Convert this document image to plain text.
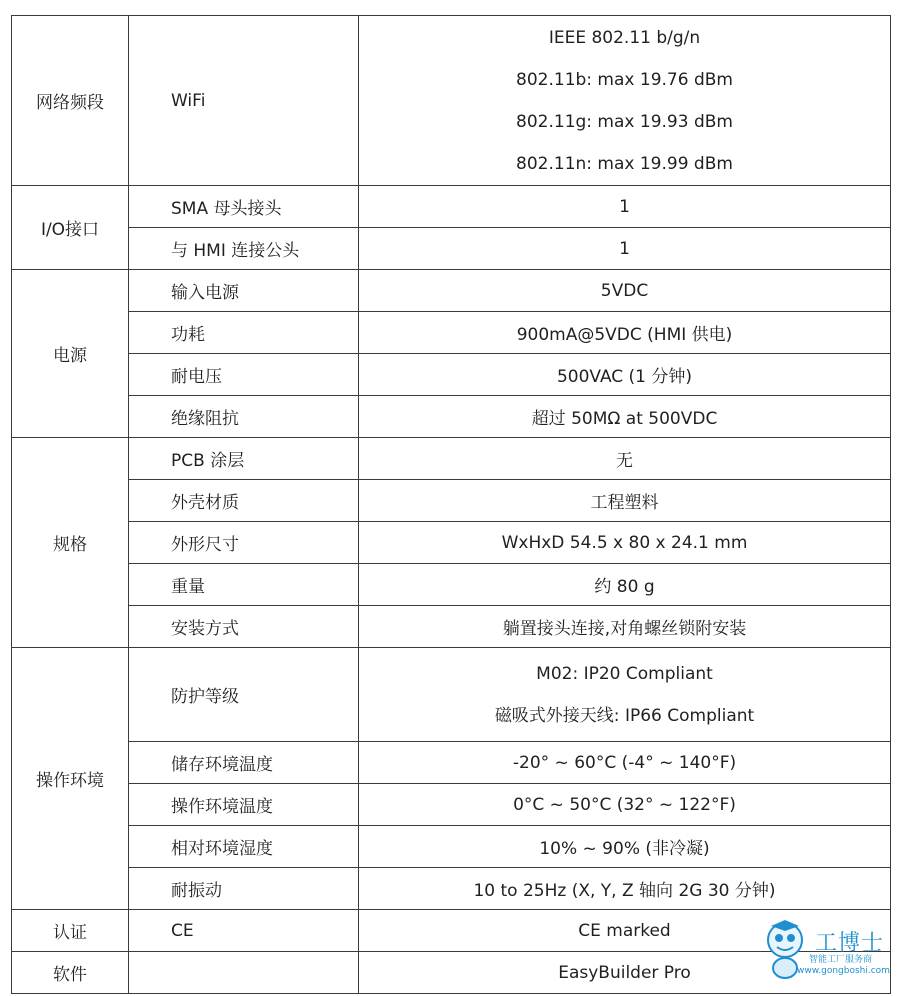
网络频段	WiFi	IEEE 802.11 b/g/n
802.11b: max 19.76 dBm
802.11g: max 19.93 dBm
802.11n: max 19.99 dBm

I/O接口	SMA 母头接头	1
	与 HMI 连接公头	1
电源	输入电源	5VDC
	功耗	900mA@5VDC (HMI 供电)
	耐电压	500VAC (1 分钟)
	绝缘阻抗	超过 50MΩ at 500VDC
规格	PCB 涂层	无
	外壳材质	工程塑料
	外形尺寸	WxHxD 54.5 x 80 x 24.1 mm
	重量	约 80 g
	安装方式	躺置接头连接,对角螺丝锁附安装
操作环境	防护等级	M02: IP20 Compliant
磁吸式外接天线: IP66 Compliant

	储存环境温度	-20° ~ 60°C (-4° ~ 140°F)
	操作环境温度	0°C ~ 50°C (32° ~ 122°F)
	相对环境湿度	10% ~ 90% (非冷凝)
	耐振动	10 to 25Hz (X, Y, Z 轴向 2G 30 分钟)
认证	CE	CE marked
软件		EasyBuilder Pro
工博士
智能工厂服务商
www.gongboshi.com
